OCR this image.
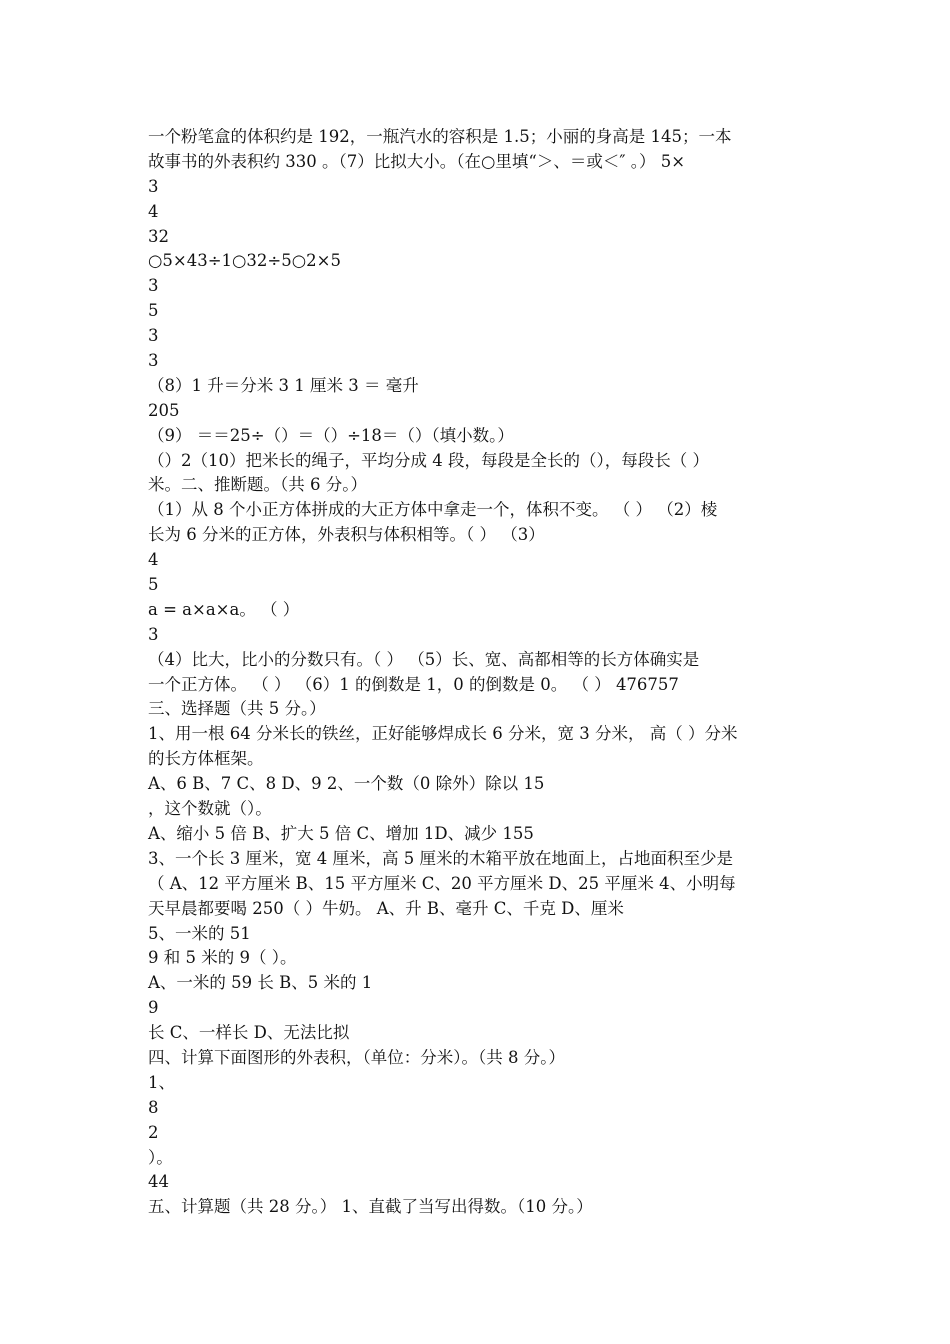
一个粉笔盒的体积约是 192，一瓶汽水的容积是 1.5；小丽的身高是 145；一本
故事书的外表积约 330 。（7）比拟大小。（在○里填“＞、＝或＜″ 。） 5×
3
4
32
○5×43÷1○32÷5○2×5
3
5
3
3
（8）1 升＝分米 3 1 厘米 3 ＝ 毫升
205
（9） ＝＝25÷（）＝（）÷18＝（）（填小数。）
（）2（10）把米长的绳子，平均分成 4 段，每段是全长的（），每段长（ ）
米。二、推断题。（共 6 分。）
（1）从 8 个小正方体拼成的大正方体中拿走一个，体积不变。 （ ） （2）棱
长为 6 分米的正方体，外表积与体积相等。（ ） （3）
4
5
a = a×a×a。 （ ）
3
（4）比大，比小的分数只有。（ ） （5）长、宽、高都相等的长方体确实是
一个正方体。 （ ） （6）1 的倒数是 1，0 的倒数是 0。 （ ） 476757
三、选择题（共 5 分。）
1、用一根 64 分米长的铁丝，正好能够焊成长 6 分米，宽 3 分米， 高（ ）分米
的长方体框架。
A、6 B、7 C、8 D、9 2、一个数（0 除外）除以 15
，这个数就（）。
A、缩小 5 倍 B、扩大 5 倍 C、增加 1D、减少 155
3、一个长 3 厘米，宽 4 厘米，高 5 厘米的木箱平放在地面上，占地面积至少是
（ A、12 平方厘米 B、15 平方厘米 C、20 平方厘米 D、25 平厘米 4、小明每
天早晨都要喝 250（ ）牛奶。 A、升 B、毫升 C、千克 D、厘米
5、一米的 51
9 和 5 米的 9（ ）。
A、一米的 59 长 B、5 米的 1
9
长 C、一样长 D、无法比拟
四、计算下面图形的外表积，（单位：分米）。（共 8 分。）
1、
8
2
）。
44
五、计算题（共 28 分。） 1、直截了当写出得数。（10 分。）
